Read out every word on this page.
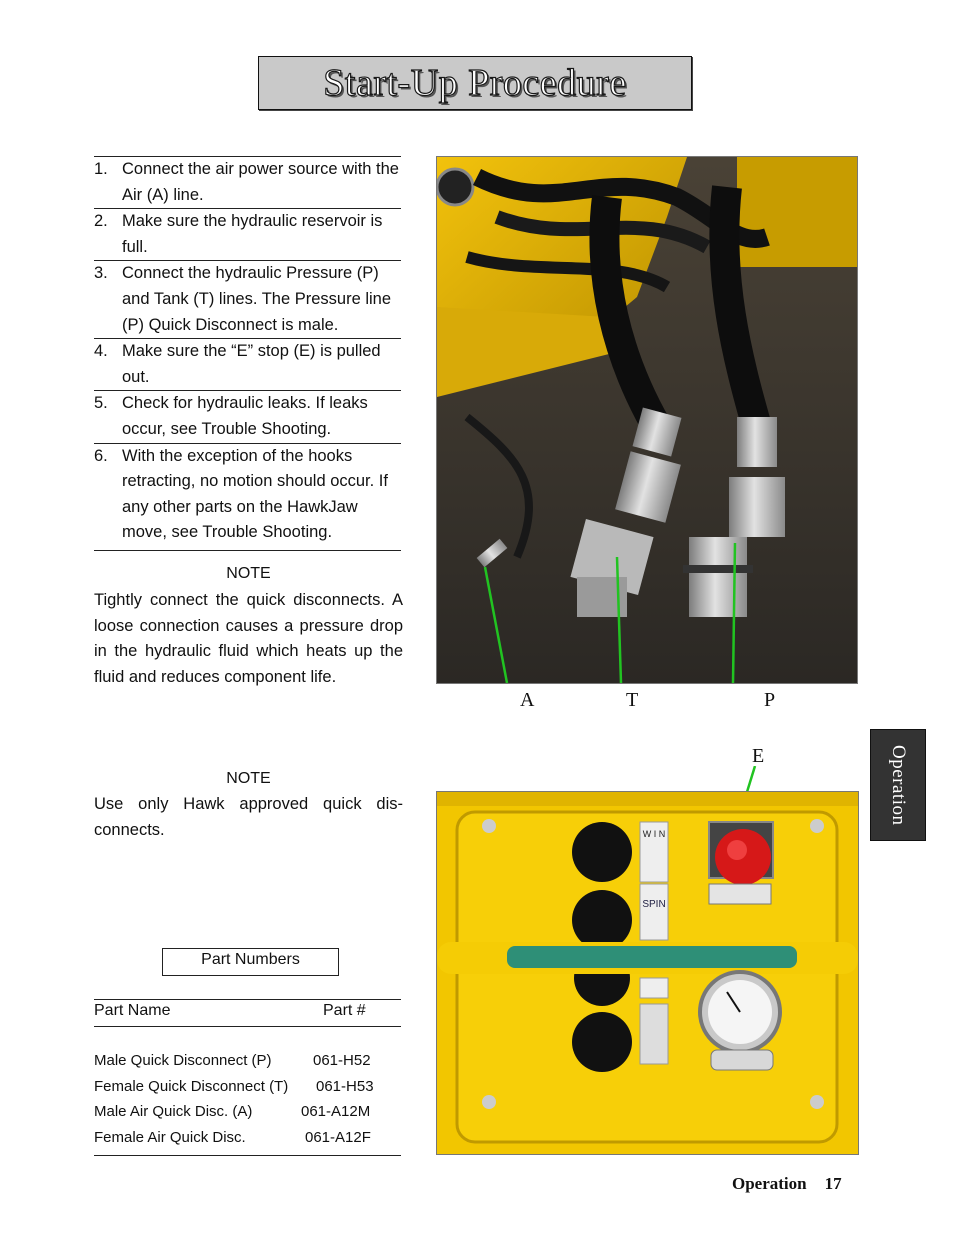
Start-Up Procedure
1. Connect the air power source with the Air (A) line.
2. Make sure the hydraulic reservoir is full.
3. Connect the hydraulic Pressure (P) and Tank (T) lines. The Pressure line (P) Quick Disconnect is male.
4. Make sure the “E” stop (E) is pulled out.
5. Check for hydraulic leaks. If leaks occur, see Trouble Shooting.
6. With the exception of the hooks retracting, no motion should occur. If any other parts on the HawkJaw move, see Trouble Shooting.
NOTE
Tightly connect the quick disconnects. A loose connection causes a pressure drop in the hydraulic fluid which heats up the fluid and reduces component life.
NOTE
Use only Hawk approved quick dis- connects.
Part Numbers
Part Name	Part #
Male Quick Disconnect (P)	061-H52
Female Quick Disconnect (T) 061-H53
Male Air Quick Disc. (A)	061-A12M
Female Air Quick Disc.	061-A12F
A	T	P
E
W I N
SPIN
Operation
Operation 17
